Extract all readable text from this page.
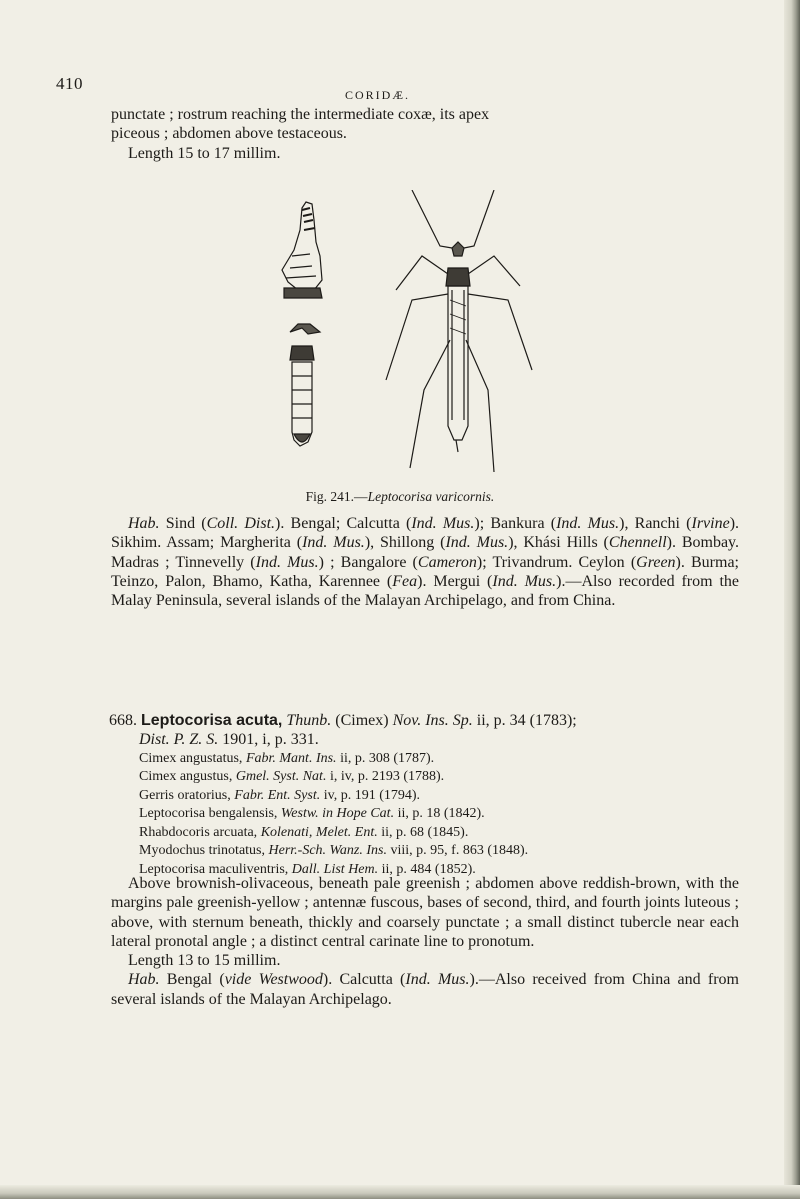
410
CORIDÆ.

punctate ; rostrum reaching the intermediate coxæ, its apex

piceous ; abdomen above testaceous.

Length 15 to 17 millim.

Fig. 241.—Leptocorisa varicornis.

Hab. Sind (Coll. Dist.). Bengal; Calcutta (Ind. Mus.); Bankura (Ind. Mus.), Ranchi (Irvine). Sikhim. Assam; Margherita (Ind. Mus.), Shillong (Ind. Mus.), Khási Hills (Chennell). Bombay. Madras ; Tinnevelly (Ind. Mus.) ; Bangalore (Cameron); Trivandrum. Ceylon (Green). Burma; Teinzo, Palon, Bhamo, Katha, Karennee (Fea). Mergui (Ind. Mus.).—Also recorded from the Malay Peninsula, several islands of the Malayan Archipelago, and from China.

668. Leptocorisa acuta, Thunb. (Cimex) Nov. Ins. Sp. ii, p. 34 (1783);

Dist. P. Z. S. 1901, i, p. 331.

Cimex angustatus, Fabr. Mant. Ins. ii, p. 308 (1787).

Cimex angustus, Gmel. Syst. Nat. i, iv, p. 2193 (1788).

Gerris oratorius, Fabr. Ent. Syst. iv, p. 191 (1794).

Leptocorisa bengalensis, Westw. in Hope Cat. ii, p. 18 (1842).

Rhabdocoris arcuata, Kolenati, Melet. Ent. ii, p. 68 (1845).

Myodochus trinotatus, Herr.-Sch. Wanz. Ins. viii, p. 95, f. 863 (1848).

Leptocorisa maculiventris, Dall. List Hem. ii, p. 484 (1852).

Above brownish-olivaceous, beneath pale greenish ; abdomen above reddish-brown, with the margins pale greenish-yellow ; antennæ fuscous, bases of second, third, and fourth joints luteous ; above, with sternum beneath, thickly and coarsely punctate ; a small distinct tubercle near each lateral pronotal angle ; a distinct central carinate line to pronotum.

Length 13 to 15 millim.

Hab. Bengal (vide Westwood). Calcutta (Ind. Mus.).—Also received from China and from several islands of the Malayan Archipelago.
